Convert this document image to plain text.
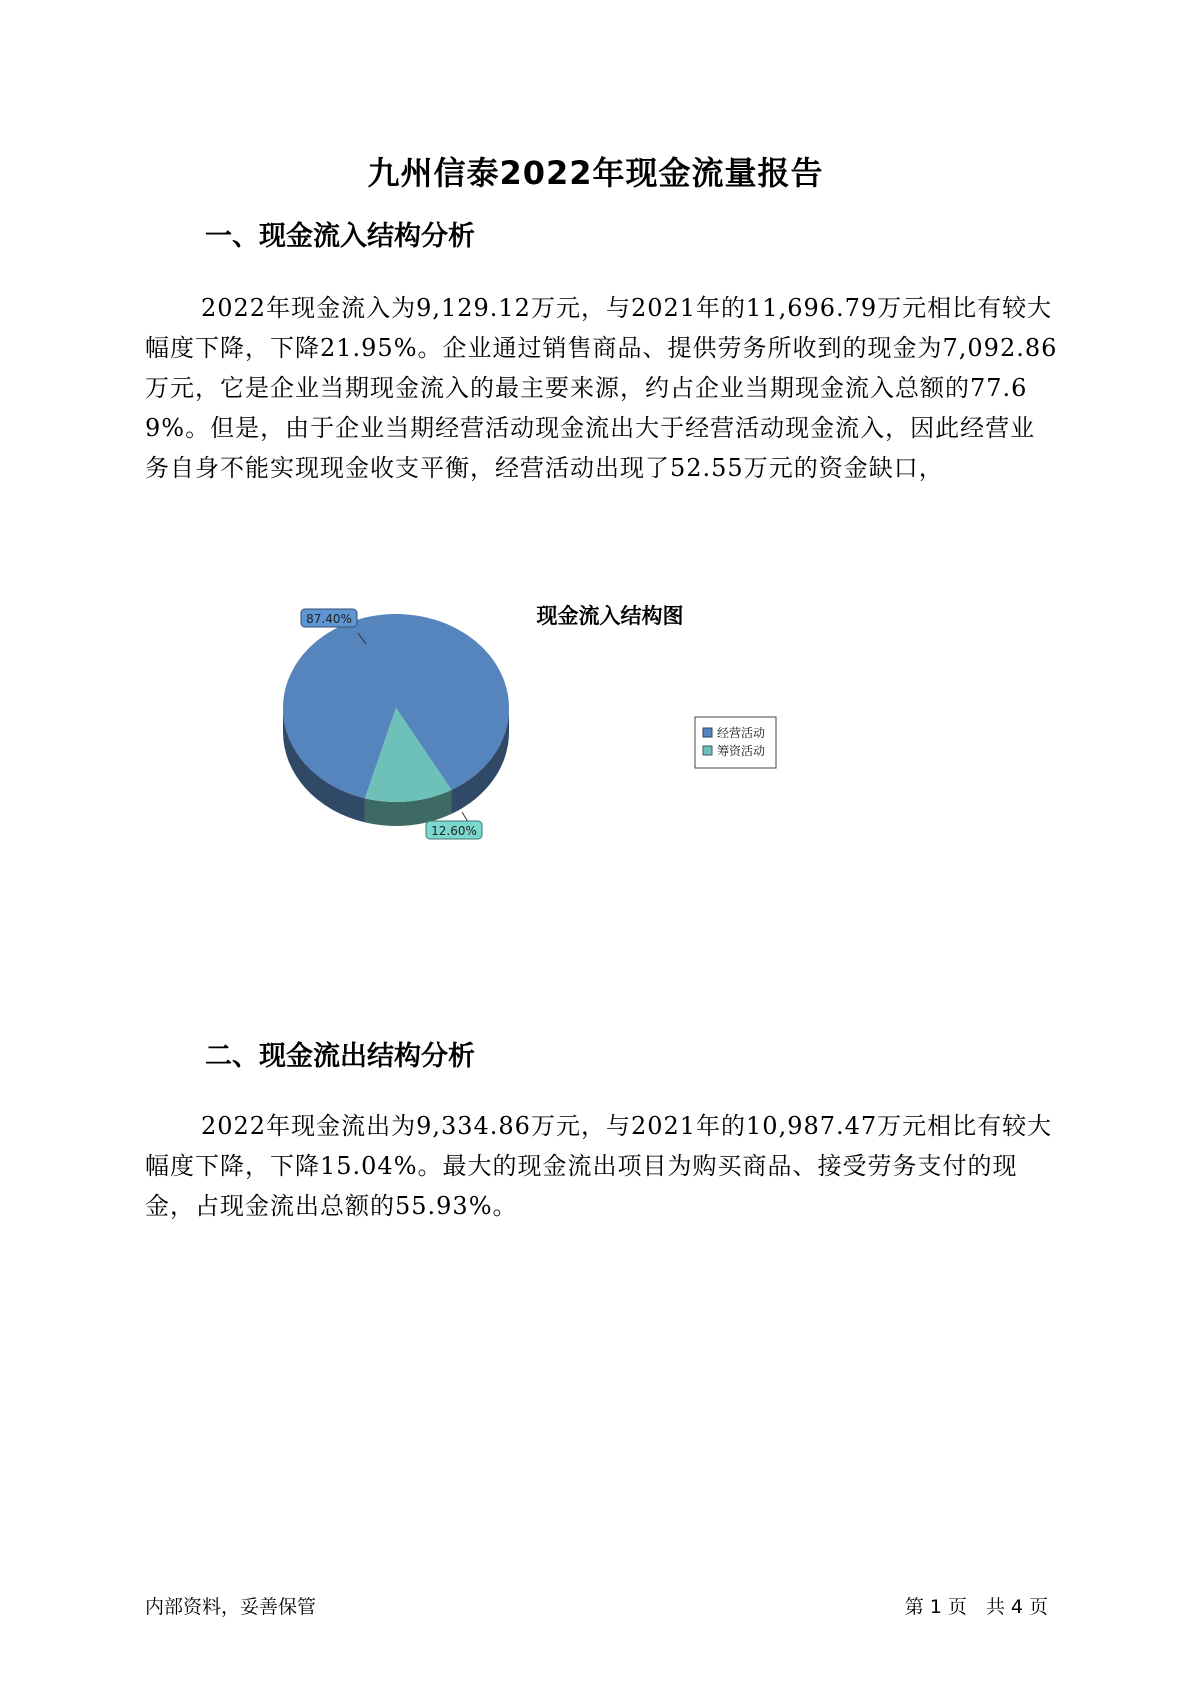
九州信泰2022年现金流量报告
一、现金流入结构分析
2022年现金流入为9,129.12万元，与2021年的11,696.79万元相比有较大幅度下降，下降21.95%。企业通过销售商品、提供劳务所收到的现金为7,092.86万元，它是企业当期现金流入的最主要来源，约占企业当期现金流入总额的77.69%。但是，由于企业当期经营活动现金流出大于经营活动现金流入，因此经营业务自身不能实现现金收支平衡，经营活动出现了52.55万元的资金缺口，
现金流入结构图
87.40%
12.60%
经营活动
筹资活动
二、现金流出结构分析
2022年现金流出为9,334.86万元，与2021年的10,987.47万元相比有较大幅度下降，下降15.04%。最大的现金流出项目为购买商品、接受劳务支付的现金，占现金流出总额的55.93%。
内部资料，妥善保管	第 1 页　共 4 页
